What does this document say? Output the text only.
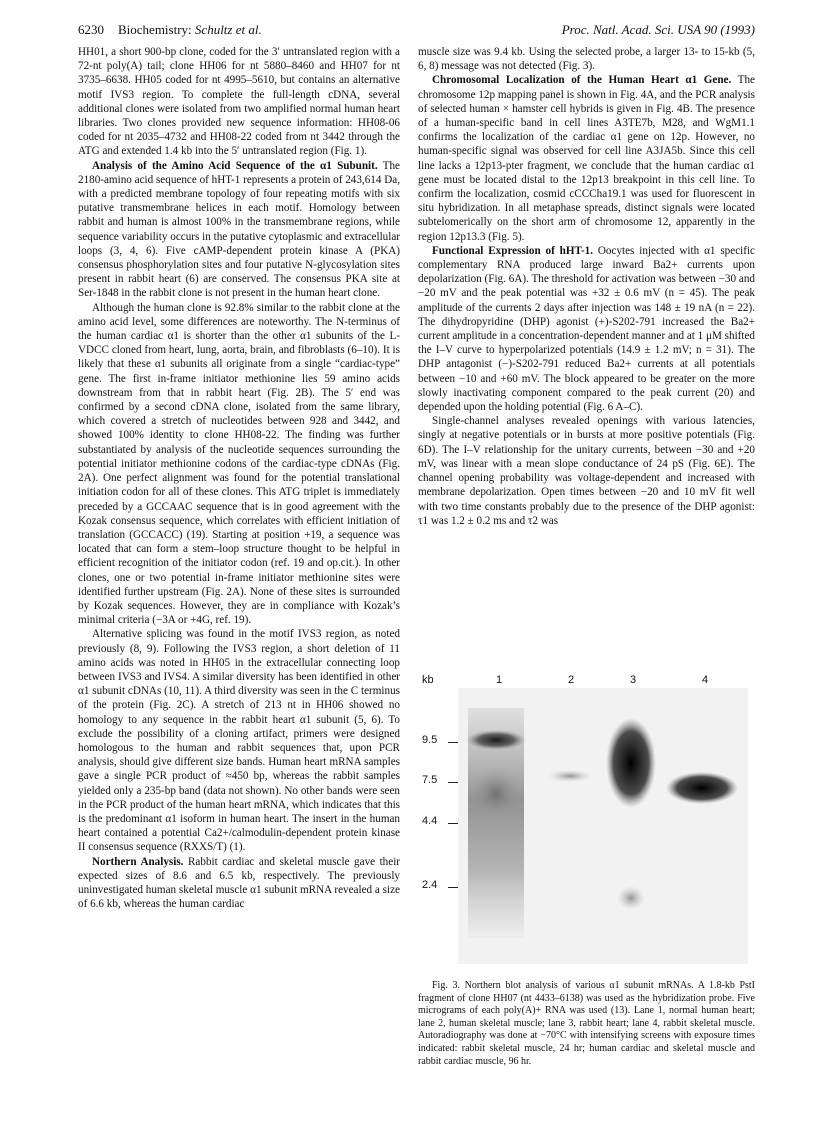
6230 Biochemistry: Schultz et al.	Proc. Natl. Acad. Sci. USA 90 (1993)

HH01, a short 900-bp clone, coded for the 3′ untranslated region with a 72-nt poly(A) tail; clone HH06 for nt 5880–8460 and HH07 for nt 3735–6638. HH05 coded for nt 4995–5610, but contains an alternative motif IVS3 region. To complete the full-length cDNA, several additional clones were isolated from two amplified normal human heart libraries. Two clones provided new sequence information: HH08-06 coded for nt 2035–4732 and HH08-22 coded from nt 3442 through the ATG and extended 1.4 kb into the 5′ untranslated region (Fig. 1).

Analysis of the Amino Acid Sequence of the α1 Subunit. The 2180-amino acid sequence of hHT-1 represents a protein of 243,614 Da, with a predicted membrane topology of four repeating motifs with six putative transmembrane helices in each motif. Homology between rabbit and human is almost 100% in the transmembrane regions, while sequence variability occurs in the putative cytoplasmic and extracellular loops (3, 4, 6). Five cAMP-dependent protein kinase A (PKA) consensus phosphorylation sites and four putative N-glycosylation sites present in rabbit heart (6) are conserved. The consensus PKA site at Ser-1848 in the rabbit clone is not present in the human heart clone.

Although the human clone is 92.8% similar to the rabbit clone at the amino acid level, some differences are noteworthy. The N-terminus of the human cardiac α1 is shorter than the other α1 subunits of the L-VDCC cloned from heart, lung, aorta, brain, and fibroblasts (6–10). It is likely that these α1 subunits all originate from a single “cardiac-type” gene. The first in-frame initiator methionine lies 59 amino acids downstream from that in rabbit heart (Fig. 2B). The 5′ end was confirmed by a second cDNA clone, isolated from the same library, which covered a stretch of nucleotides between 928 and 3442, and showed 100% identity to clone HH08-22. The finding was further substantiated by analysis of the nucleotide sequences surrounding the potential initiator methionine codons of the cardiac-type cDNAs (Fig. 2A). One perfect alignment was found for the potential translational initiation codon for all of these clones. This ATG triplet is immediately preceded by a GCCAAC sequence that is in good agreement with the Kozak consensus sequence, which correlates with efficient initiation of translation (GCCACC) (19). Starting at position +19, a sequence was located that can form a stem–loop structure thought to be helpful in efficient recognition of the initiator codon (ref. 19 and op.cit.). In other clones, one or two potential in-frame initiator methionine sites were identified further upstream (Fig. 2A). None of these sites is surrounded by Kozak sequences. However, they are in compliance with Kozak’s minimal criteria (−3A or +4G, ref. 19).

Alternative splicing was found in the motif IVS3 region, as noted previously (8, 9). Following the IVS3 region, a short deletion of 11 amino acids was noted in HH05 in the extracellular connecting loop between IVS3 and IVS4. A similar diversity has been identified in other α1 subunit cDNAs (10, 11). A third diversity was seen in the C terminus of the protein (Fig. 2C). A stretch of 213 nt in HH06 showed no homology to any sequence in the rabbit heart α1 subunit (5, 6). To exclude the possibility of a cloning artifact, primers were designed homologous to the human and rabbit sequences that, upon PCR analysis, should give different size bands. Human heart mRNA samples gave a single PCR product of ≈450 bp, whereas the rabbit samples yielded only a 235-bp band (data not shown). No other bands were seen in the PCR product of the human heart mRNA, which indicates that this is the predominant α1 isoform in human heart. The insert in the human heart contained a potential Ca2+/calmodulin-dependent protein kinase II consensus sequence (RXXS/T) (1).

Northern Analysis. Rabbit cardiac and skeletal muscle gave their expected sizes of 8.6 and 6.5 kb, respectively. The previously uninvestigated human skeletal muscle α1 subunit mRNA revealed a size of 6.6 kb, whereas the human cardiac

muscle size was 9.4 kb. Using the selected probe, a larger 13- to 15-kb (5, 6, 8) message was not detected (Fig. 3).

Chromosomal Localization of the Human Heart α1 Gene. The chromosome 12p mapping panel is shown in Fig. 4A, and the PCR analysis of selected human × hamster cell hybrids is given in Fig. 4B. The presence of a human-specific band in cell lines A3TE7b, M28, and WgM1.1 confirms the localization of the cardiac α1 gene on 12p. However, no human-specific signal was observed for cell line A3JA5b. Since this cell line lacks a 12p13-pter fragment, we conclude that the human cardiac α1 gene must be located distal to the 12p13 breakpoint in this cell line. To confirm the localization, cosmid cCCCha19.1 was used for fluorescent in situ hybridization. In all metaphase spreads, distinct signals were located subtelomerically on the short arm of chromosome 12, apparently in the region 12p13.3 (Fig. 5).

Functional Expression of hHT-1. Oocytes injected with α1 specific complementary RNA produced large inward Ba2+ currents upon depolarization (Fig. 6A). The threshold for activation was between −30 and −20 mV and the peak potential was +32 ± 0.6 mV (n = 45). The peak amplitude of the currents 2 days after injection was 148 ± 19 nA (n = 22). The dihydropyridine (DHP) agonist (+)-S202-791 increased the Ba2+ current amplitude in a concentration-dependent manner and at 1 μM shifted the I–V curve to hyperpolarized potentials (14.9 ± 1.2 mV; n = 31). The DHP antagonist (−)-S202-791 reduced Ba2+ currents at all potentials between −10 and +60 mV. The block appeared to be greater on the more slowly inactivating component compared to the peak current (20) and depended upon the holding potential (Fig. 6 A–C).

Single-channel analyses revealed openings with various latencies, singly at negative potentials or in bursts at more positive potentials (Fig. 6D). The I–V relationship for the unitary currents, between −30 and +20 mV, was linear with a mean slope conductance of 24 pS (Fig. 6E). The channel opening probability was voltage-dependent and increased with membrane depolarization. Open times between −20 and 10 mV fit well with two time constants probably due to the presence of the DHP agonist: τ1 was 1.2 ± 0.2 ms and τ2 was

kb
9.5
7.5
4.4
2.4
1	2	3	4

Fig. 3. Northern blot analysis of various α1 subunit mRNAs. A 1.8-kb PstI fragment of clone HH07 (nt 4433–6138) was used as the hybridization probe. Five micrograms of each poly(A)+ RNA was used (13). Lane 1, normal human heart; lane 2, human skeletal muscle; lane 3, rabbit heart; lane 4, rabbit skeletal muscle. Autoradiography was done at −70°C with intensifying screens with exposure times indicated: rabbit skeletal muscle, 24 hr; human cardiac and skeletal muscle and rabbit cardiac muscle, 96 hr.
